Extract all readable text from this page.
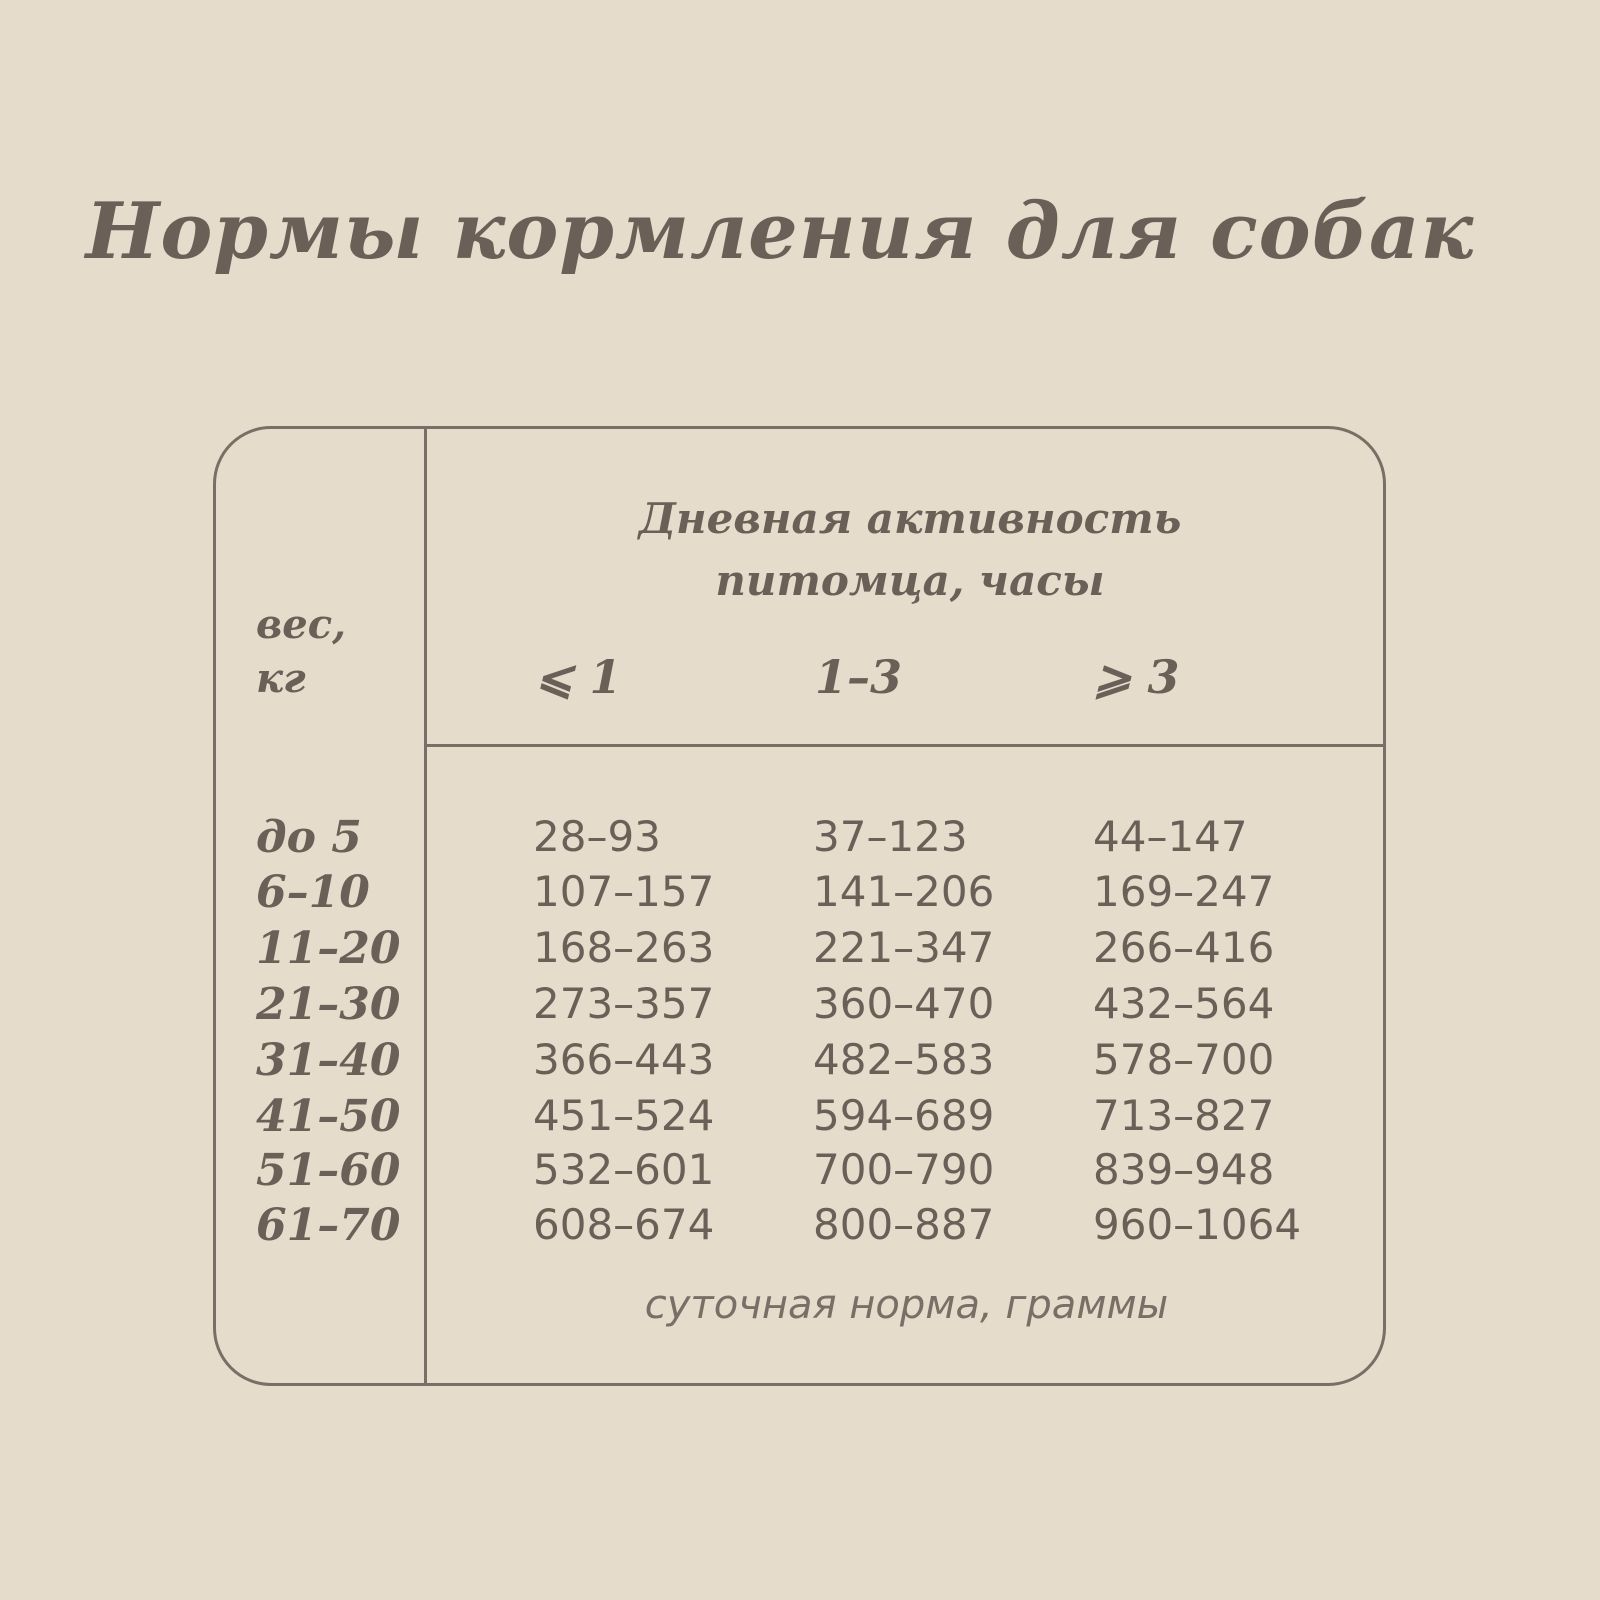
Нормы кормления для собак
вес,
кг
Дневная активность
питомца, часы
⩽ 1	1–3	⩾ 3
до 5	28–93	37–123	44–147
6–10	107–157 141–206 169–247
11–20	168–263 221–347 266–416
21–30	273–357 360–470 432–564
31–40	366–443 482–583 578–700
41–50	451–524 594–689 713–827
51–60	532–601 700–790 839–948
61–70	608–674 800–887 960–1064
суточная норма, граммы
